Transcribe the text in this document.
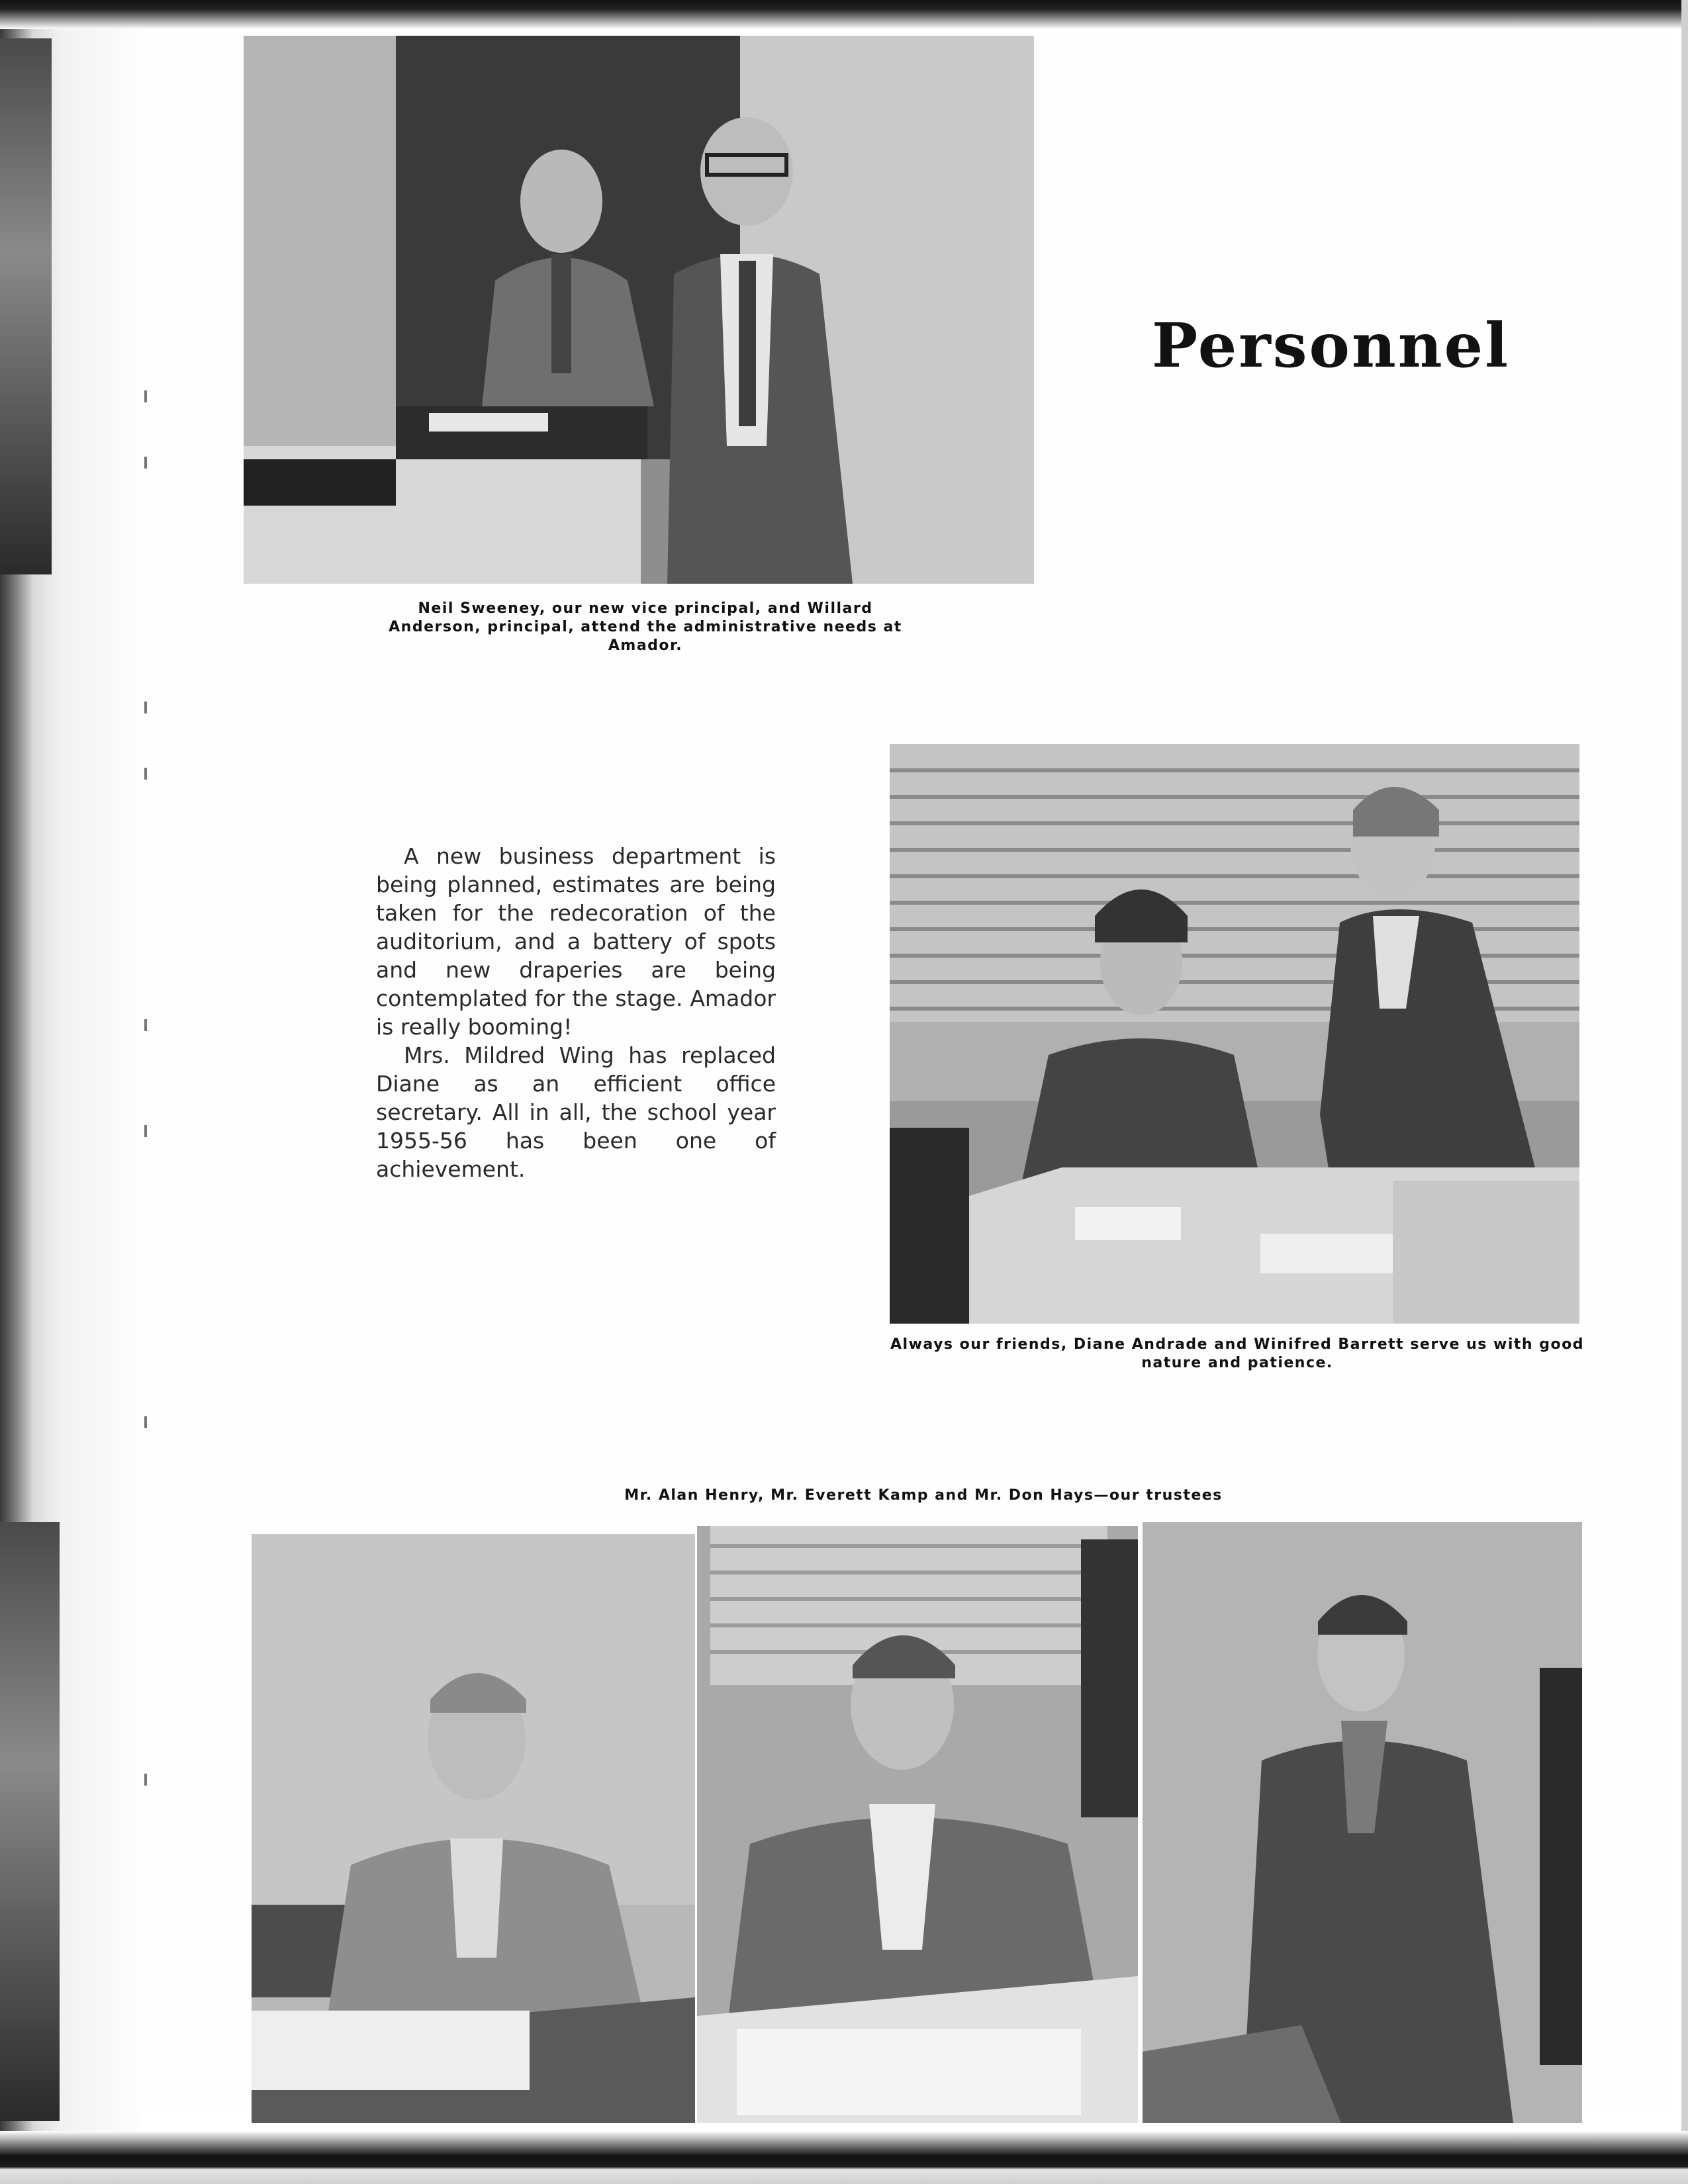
Personnel
Neil Sweeney, our new vice principal, and Willard Anderson, principal, attend the administrative needs at Amador.

A new business department is being planned, estimates are being taken for the redecoration of the auditorium, and a battery of spots and new draperies are being contemplated for the stage. Amador is really booming!

Mrs. Mildred Wing has replaced Diane as an efficient office secretary. All in all, the school year 1955-56 has been one of achievement.

Always our friends, Diane Andrade and Winifred Barrett serve us with good nature and patience.
Mr. Alan Henry, Mr. Everett Kamp and Mr. Don Hays—our trustees
